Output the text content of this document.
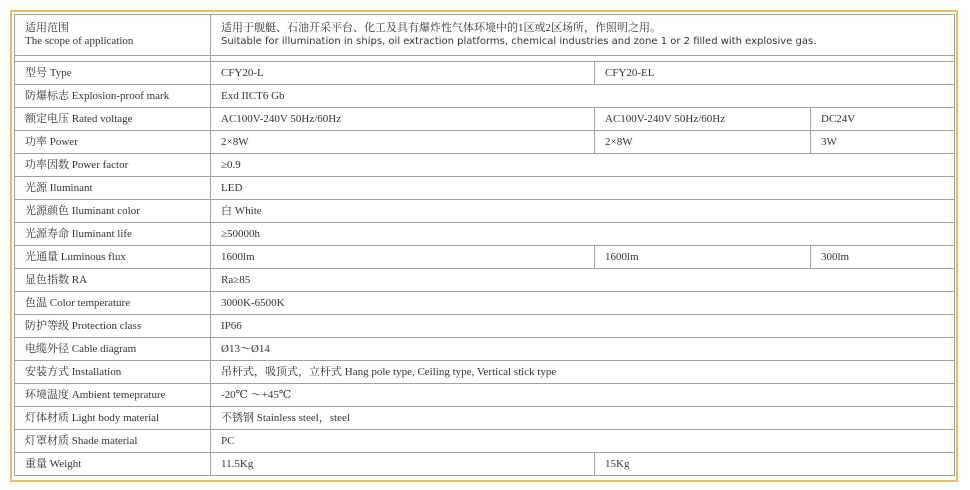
适用范围
The scope of application	适用于舰艇、石油开采平台、化工及具有爆炸性气体环境中的1区或2区场所，作照明之用。
Suitable for illumination in ships, oil extraction platforms, chemical industries and zone 1 or 2 filled with explosive gas.		

型号 Type	CFY20-L	CFY20-EL	
防爆标志 Explosion-proof mark	Exd IICT6 Gb		
额定电压 Rated voltage	AC100V-240V 50Hz/60Hz	AC100V-240V 50Hz/60Hz	DC24V
功率 Power	2×8W	2×8W	3W
功率因数 Power factor	≥0.9		
光源 Iluminant	LED		
光源颜色 Iluminant color	白 White		
光源寿命 Iluminant life	≥50000h		
光通量 Luminous flux	1600lm	1600lm	300lm
显色指数 RA	Ra≥85		
色温 Color temperature	3000K-6500K		
防护等级 Protection class	IP66		
电缆外径 Cable diagram	Ø13～Ø14		
安装方式 Installation	吊杆式，吸顶式，立杆式 Hang pole type, Ceiling type, Vertical stick type		
环境温度 Ambient temeprature	-20℃ ～+45℃		
灯体材质 Light body material	不锈钢 Stainless steel，steel		
灯罩材质 Shade material	PC		
重量 Weight	11.5Kg	15Kg	
